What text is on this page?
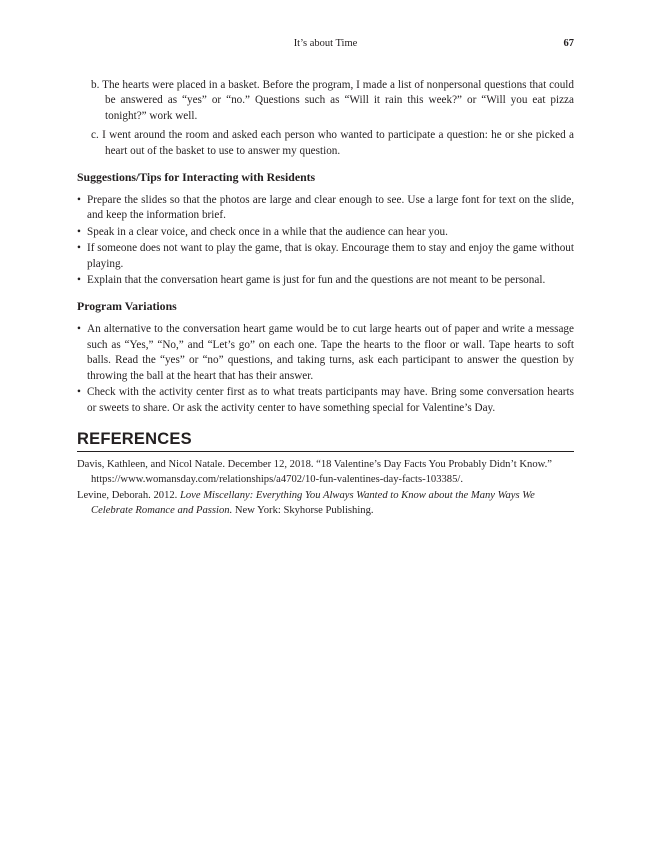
It’s about Time	67

b. The hearts were placed in a basket. Before the program, I made a list of nonpersonal questions that could be answered as “yes” or “no.” Questions such as “Will it rain this week?” or “Will you eat pizza tonight?” work well.

c. I went around the room and asked each person who wanted to participate a question: he or she picked a heart out of the basket to use to answer my question.

Suggestions/Tips for Interacting with Residents
• Prepare the slides so that the photos are large and clear enough to see. Use a large font for text on the slide, and keep the information brief.
• Speak in a clear voice, and check once in a while that the audience can hear you.
• If someone does not want to play the game, that is okay. Encourage them to stay and enjoy the game without playing.
• Explain that the conversation heart game is just for fun and the questions are not meant to be personal.
Program Variations
• An alternative to the conversation heart game would be to cut large hearts out of paper and write a message such as “Yes,” “No,” and “Let’s go” on each one. Tape the hearts to the floor or wall. Tape hearts to soft balls. Read the “yes” or “no” questions, and taking turns, ask each participant to answer the question by throwing the ball at the heart that has their answer.
• Check with the activity center first as to what treats participants may have. Bring some conversation hearts or sweets to share. Or ask the activity center to have something special for Valentine’s Day.
REFERENCES

Davis, Kathleen, and Nicol Natale. December 12, 2018. “18 Valentine’s Day Facts You Probably Didn’t Know.” https://www.womansday.com/relationships/a4702/10-fun-valentines-day-facts-103385/.

Levine, Deborah. 2012. Love Miscellany: Everything You Always Wanted to Know about the Many Ways We Celebrate Romance and Passion. New York: Skyhorse Publishing.
